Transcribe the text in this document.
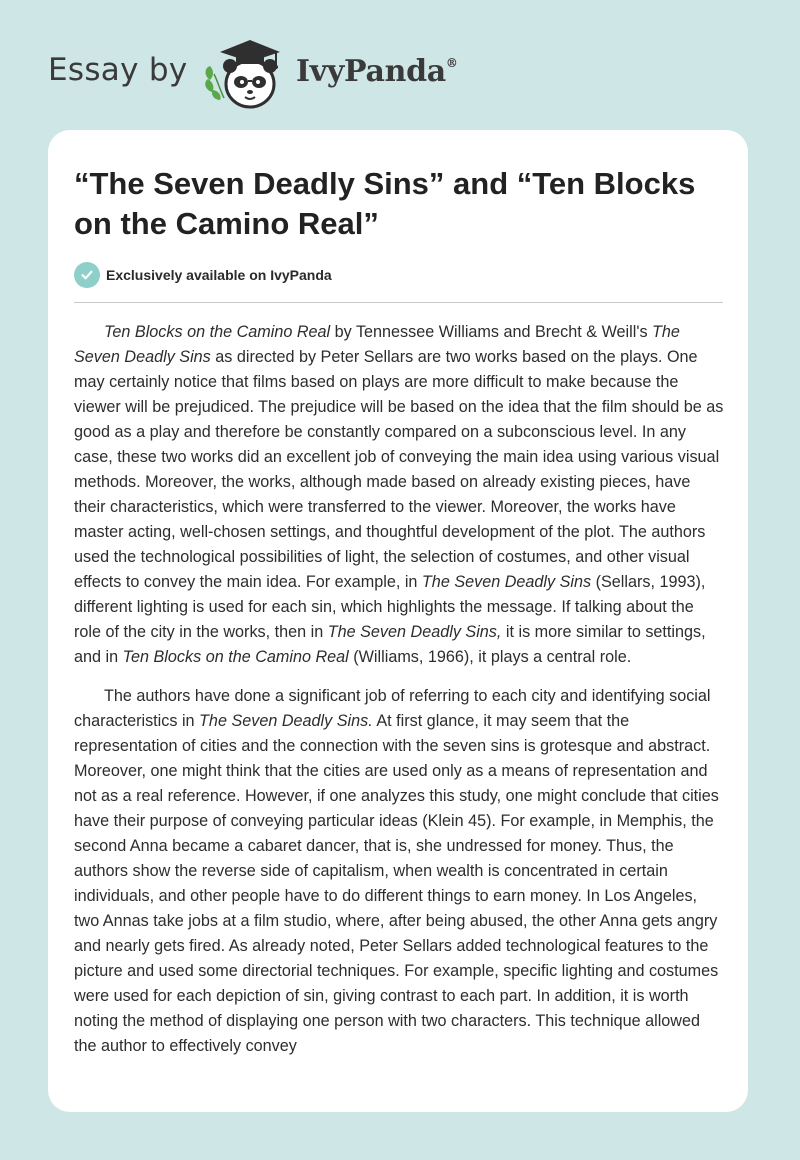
Essay by	IvyPanda®
“The Seven Deadly Sins” and “Ten Blocks on the Camino Real”
Exclusively available on IvyPanda

Ten Blocks on the Camino Real by Tennessee Williams and Brecht & Weill's The Seven Deadly Sins as directed by Peter Sellars are two works based on the plays. One may certainly notice that films based on plays are more difficult to make because the viewer will be prejudiced. The prejudice will be based on the idea that the film should be as good as a play and therefore be constantly compared on a subconscious level. In any case, these two works did an excellent job of conveying the main idea using various visual methods. Moreover, the works, although made based on already existing pieces, have their characteristics, which were transferred to the viewer. Moreover, the works have master acting, well-chosen settings, and thoughtful development of the plot. The authors used the technological possibilities of light, the selection of costumes, and other visual effects to convey the main idea. For example, in The Seven Deadly Sins (Sellars, 1993), different lighting is used for each sin, which highlights the message. If talking about the role of the city in the works, then in The Seven Deadly Sins, it is more similar to settings, and in Ten Blocks on the Camino Real (Williams, 1966), it plays a central role.

The authors have done a significant job of referring to each city and identifying social characteristics in The Seven Deadly Sins. At first glance, it may seem that the representation of cities and the connection with the seven sins is grotesque and abstract. Moreover, one might think that the cities are used only as a means of representation and not as a real reference. However, if one analyzes this study, one might conclude that cities have their purpose of conveying particular ideas (Klein 45). For example, in Memphis, the second Anna became a cabaret dancer, that is, she undressed for money. Thus, the authors show the reverse side of capitalism, when wealth is concentrated in certain individuals, and other people have to do different things to earn money. In Los Angeles, two Annas take jobs at a film studio, where, after being abused, the other Anna gets angry and nearly gets fired. As already noted, Peter Sellars added technological features to the picture and used some directorial techniques. For example, specific lighting and costumes were used for each depiction of sin, giving contrast to each part. In addition, it is worth noting the method of displaying one person with two characters. This technique allowed the author to effectively convey
